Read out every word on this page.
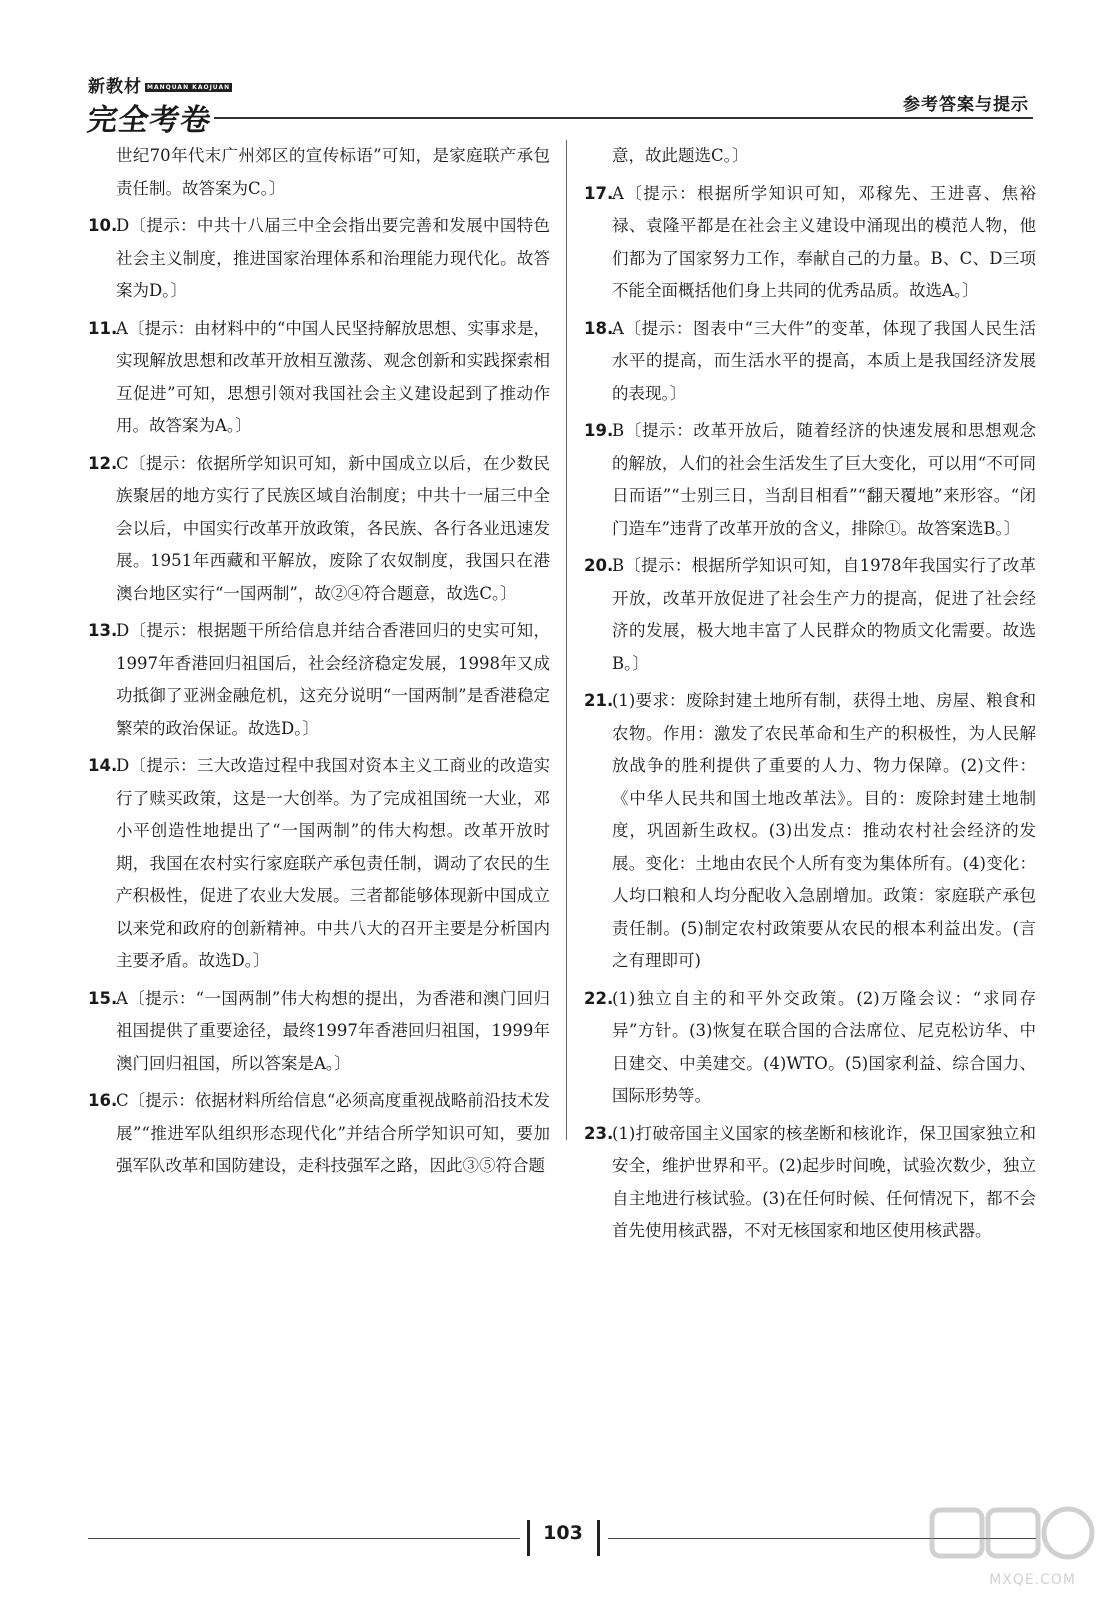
新教材 MANQUAN KAOJUAN
完全考卷	参考答案与提示
世纪70年代末广州郊区的宣传标语”可知，是家庭联产承包责任制。故答案为C。〕
10.D〔提示：中共十八届三中全会指出要完善和发展中国特色社会主义制度，推进国家治理体系和治理能力现代化。故答案为D。〕
11.A〔提示：由材料中的“中国人民坚持解放思想、实事求是，实现解放思想和改革开放相互激荡、观念创新和实践探索相互促进”可知，思想引领对我国社会主义建设起到了推动作用。故答案为A。〕
12.C〔提示：依据所学知识可知，新中国成立以后，在少数民族聚居的地方实行了民族区域自治制度；中共十一届三中全会以后，中国实行改革开放政策，各民族、各行各业迅速发展。1951年西藏和平解放，废除了农奴制度，我国只在港澳台地区实行“一国两制”，故②④符合题意，故选C。〕
13.D〔提示：根据题干所给信息并结合香港回归的史实可知，1997年香港回归祖国后，社会经济稳定发展，1998年又成功抵御了亚洲金融危机，这充分说明“一国两制”是香港稳定繁荣的政治保证。故选D。〕
14.D〔提示：三大改造过程中我国对资本主义工商业的改造实行了赎买政策，这是一大创举。为了完成祖国统一大业，邓小平创造性地提出了“一国两制”的伟大构想。改革开放时期，我国在农村实行家庭联产承包责任制，调动了农民的生产积极性，促进了农业大发展。三者都能够体现新中国成立以来党和政府的创新精神。中共八大的召开主要是分析国内主要矛盾。故选D。〕
15.A〔提示：“一国两制”伟大构想的提出，为香港和澳门回归祖国提供了重要途径，最终1997年香港回归祖国，1999年澳门回归祖国，所以答案是A。〕
16.C〔提示：依据材料所给信息“必须高度重视战略前沿技术发展”“推进军队组织形态现代化”并结合所学知识可知，要加强军队改革和国防建设，走科技强军之路，因此③⑤符合题
意，故此题选C。〕
17.A〔提示：根据所学知识可知，邓稼先、王进喜、焦裕禄、袁隆平都是在社会主义建设中涌现出的模范人物，他们都为了国家努力工作，奉献自己的力量。B、C、D三项不能全面概括他们身上共同的优秀品质。故选A。〕
18.A〔提示：图表中“三大件”的变革，体现了我国人民生活水平的提高，而生活水平的提高，本质上是我国经济发展的表现。〕
19.B〔提示：改革开放后，随着经济的快速发展和思想观念的解放，人们的社会生活发生了巨大变化，可以用“不可同日而语”“士别三日，当刮目相看”“翻天覆地”来形容。“闭门造车”违背了改革开放的含义，排除①。故答案选B。〕
20.B〔提示：根据所学知识可知，自1978年我国实行了改革开放，改革开放促进了社会生产力的提高，促进了社会经济的发展，极大地丰富了人民群众的物质文化需要。故选B。〕
21.(1)要求：废除封建土地所有制，获得土地、房屋、粮食和农物。作用：激发了农民革命和生产的积极性，为人民解放战争的胜利提供了重要的人力、物力保障。(2)文件：《中华人民共和国土地改革法》。目的：废除封建土地制度，巩固新生政权。(3)出发点：推动农村社会经济的发展。变化：土地由农民个人所有变为集体所有。(4)变化：人均口粮和人均分配收入急剧增加。政策：家庭联产承包责任制。(5)制定农村政策要从农民的根本利益出发。(言之有理即可)
22.(1)独立自主的和平外交政策。(2)万隆会议：“求同存异”方针。(3)恢复在联合国的合法席位、尼克松访华、中日建交、中美建交。(4)WTO。(5)国家利益、综合国力、国际形势等。
23.(1)打破帝国主义国家的核垄断和核讹诈，保卫国家独立和安全，维护世界和平。(2)起步时间晚，试验次数少，独立自主地进行核试验。(3)在任何时候、任何情况下，都不会首先使用核武器，不对无核国家和地区使用核武器。
103
MXQE.COM
